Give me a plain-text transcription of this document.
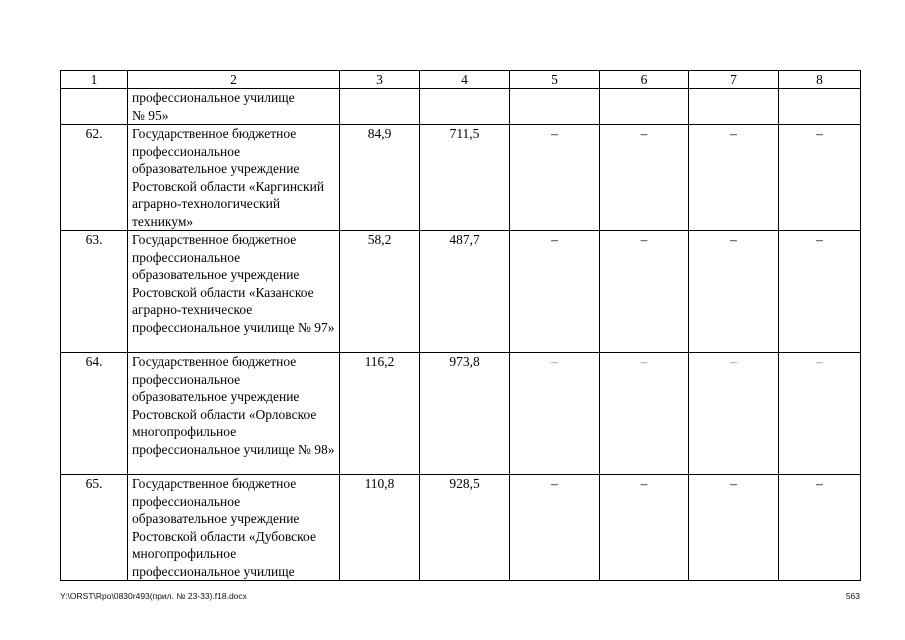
1	2	3	4	5	6	7	8
	профессиональное училище
№ 95»						
62.	Государственное бюджетное профессиональное образовательное учреждение Ростовской области «Каргинский аграрно-технологический техникум»	84,9	711,5	–	–	–	–
63.	Государственное бюджетное профессиональное образовательное учреждение Ростовской области «Казанское аграрно-техническое профессиональное училище № 97»	58,2	487,7	–	–	–	–
64.	Государственное бюджетное профессиональное образовательное учреждение Ростовской области «Орловское многопрофильное профессиональное училище № 98»	116,2	973,8	–	–	–	–
65.	Государственное бюджетное профессиональное образовательное учреждение Ростовской области «Дубовское многопрофильное профессиональное училище	110,8	928,5	–	–	–	–
Y:\ORST\Rpo\0830r493(прил. № 23-33).f18.docx	563
